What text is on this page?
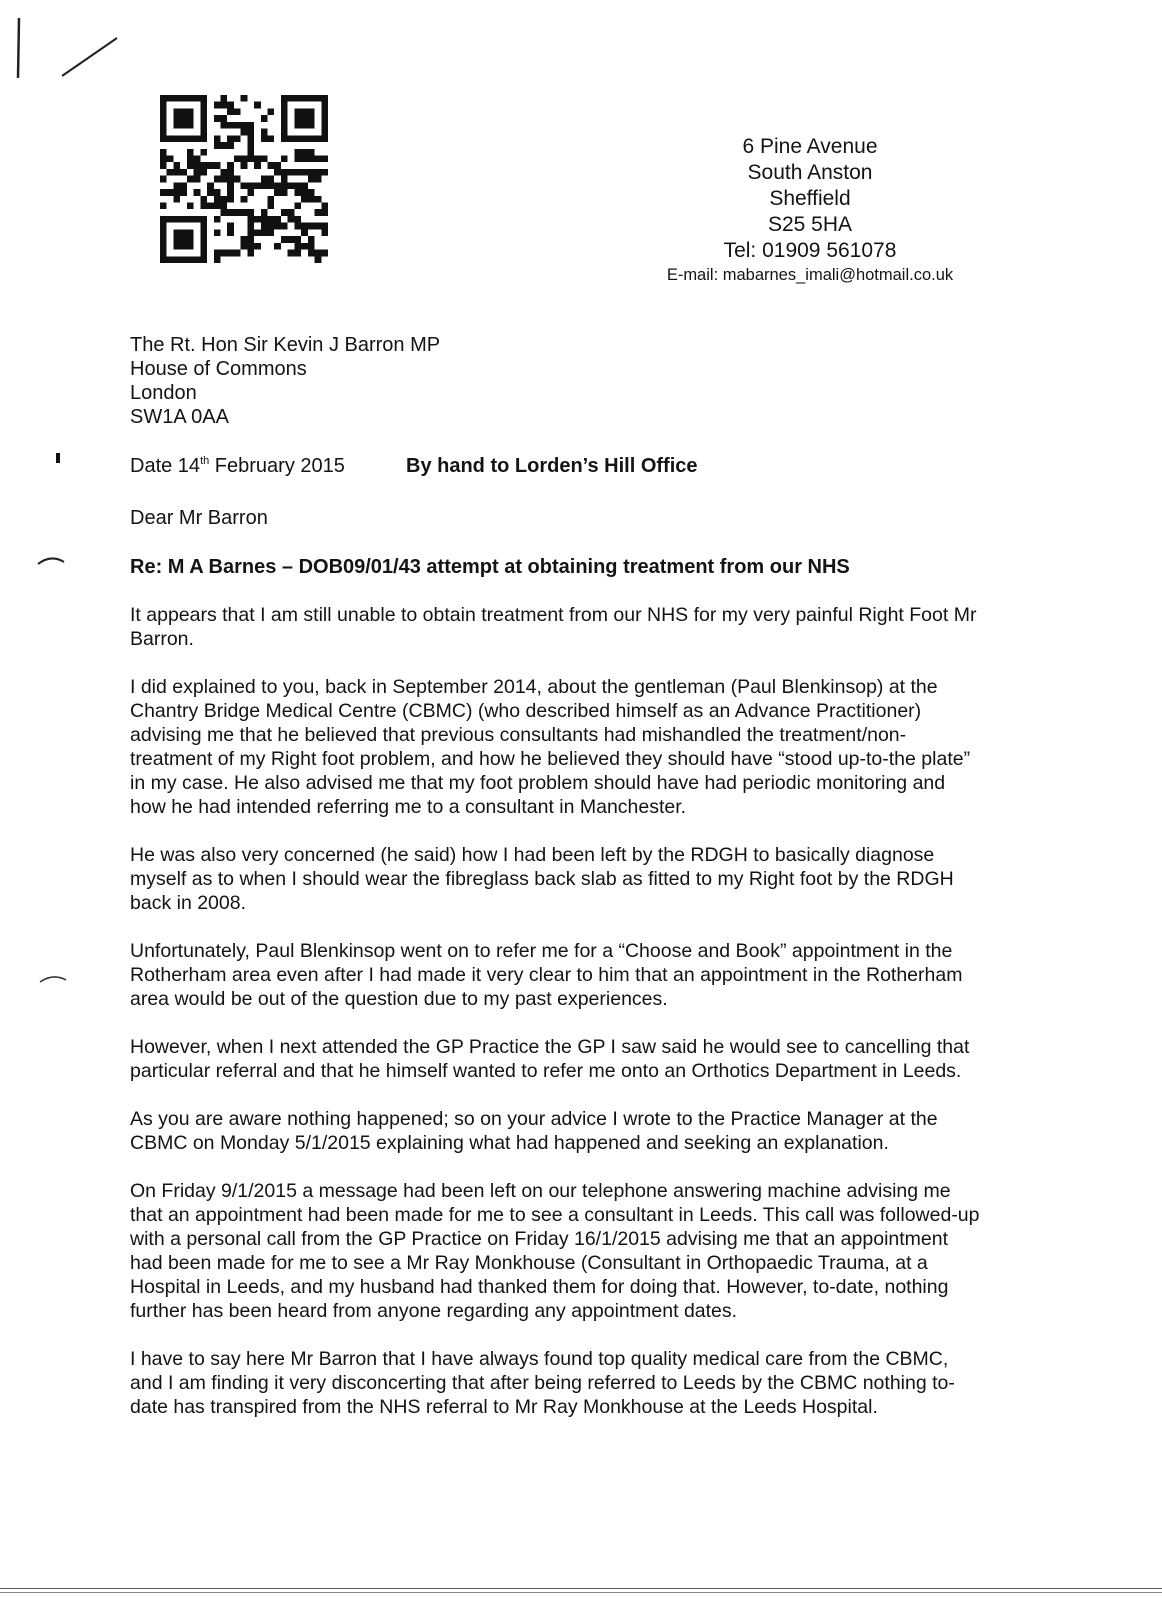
6 Pine Avenue
South Anston
Sheffield
S25 5HA
Tel: 01909 561078
E-mail: mabarnes_imali@hotmail.co.uk
The Rt. Hon Sir Kevin J Barron MP
House of Commons
London
SW1A 0AA
Date 14th February 2015	By hand to Lorden’s Hill Office
Dear Mr Barron
Re: M A Barnes – DOB09/01/43 attempt at obtaining treatment from our NHS

It appears that I am still unable to obtain treatment from our NHS for my very painful Right Foot Mr Barron.

I did explained to you, back in September 2014, about the gentleman (Paul Blenkinsop) at the Chantry Bridge Medical Centre (CBMC) (who described himself as an Advance Practitioner) advising me that he believed that previous consultants had mishandled the treatment/non-treatment of my Right foot problem, and how he believed they should have “stood up-to-the plate” in my case. He also advised me that my foot problem should have had periodic monitoring and how he had intended referring me to a consultant in Manchester.

He was also very concerned (he said) how I had been left by the RDGH to basically diagnose myself as to when I should wear the fibreglass back slab as fitted to my Right foot by the RDGH back in 2008.

Unfortunately, Paul Blenkinsop went on to refer me for a “Choose and Book” appointment in the Rotherham area even after I had made it very clear to him that an appointment in the Rotherham area would be out of the question due to my past experiences.

However, when I next attended the GP Practice the GP I saw said he would see to cancelling that particular referral and that he himself wanted to refer me onto an Orthotics Department in Leeds.

As you are aware nothing happened; so on your advice I wrote to the Practice Manager at the CBMC on Monday 5/1/2015 explaining what had happened and seeking an explanation.

On Friday 9/1/2015 a message had been left on our telephone answering machine advising me that an appointment had been made for me to see a consultant in Leeds. This call was followed-up with a personal call from the GP Practice on Friday 16/1/2015 advising me that an appointment had been made for me to see a Mr Ray Monkhouse (Consultant in Orthopaedic Trauma, at a Hospital in Leeds, and my husband had thanked them for doing that. However, to-date, nothing further has been heard from anyone regarding any appointment dates.

I have to say here Mr Barron that I have always found top quality medical care from the CBMC, and I am finding it very disconcerting that after being referred to Leeds by the CBMC nothing to-date has transpired from the NHS referral to Mr Ray Monkhouse at the Leeds Hospital.
